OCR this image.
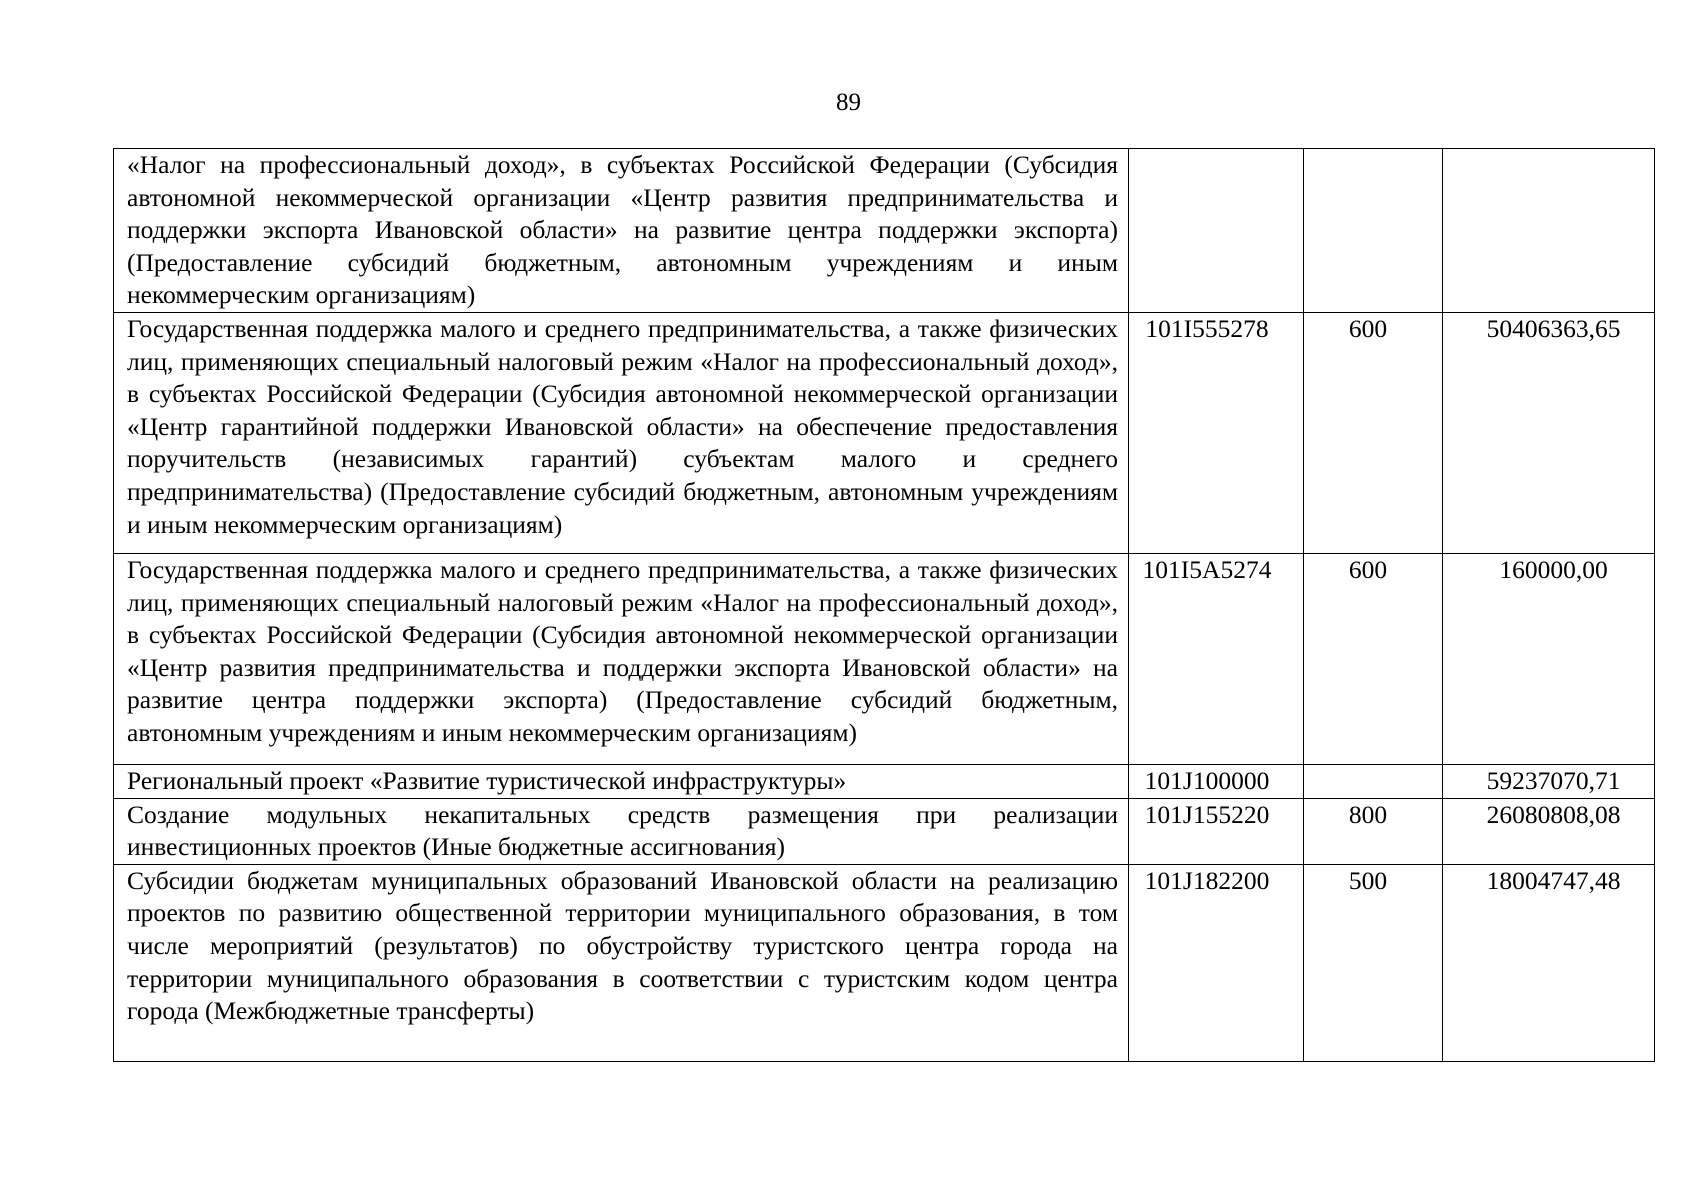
89
«Налог на профессиональный доход», в субъектах Российской Федерации (Субсидия автономной некоммерческой организации «Центр развития предпринимательства и поддержки экспорта Ивановской области» на развитие центра поддержки экспорта) (Предоставление субсидий бюджетным, автономным учреждениям и иным некоммерческим организациям)			
Государственная поддержка малого и среднего предпринимательства, а также физических лиц, применяющих специальный налоговый режим «Налог на профессиональный доход», в субъектах Российской Федерации (Субсидия автономной некоммерческой организации «Центр гарантийной поддержки Ивановской области» на обеспечение предоставления поручительств (независимых гарантий) субъектам малого и среднего предпринимательства) (Предоставление субсидий бюджетным, автономным учреждениям и иным некоммерческим организациям)	101I555278	600	50406363,65
Государственная поддержка малого и среднего предпринимательства, а также физических лиц, применяющих специальный налоговый режим «Налог на профессиональный доход», в субъектах Российской Федерации (Субсидия автономной некоммерческой организации «Центр развития предпринимательства и поддержки экспорта Ивановской области» на развитие центра поддержки экспорта) (Предоставление субсидий бюджетным, автономным учреждениям и иным некоммерческим организациям)	101I5A5274	600	160000,00
Региональный проект «Развитие туристической инфраструктуры»	101J100000		59237070,71
Создание модульных некапитальных средств размещения при реализации инвестиционных проектов (Иные бюджетные ассигнования)	101J155220	800	26080808,08
Субсидии бюджетам муниципальных образований Ивановской области на реализацию проектов по развитию общественной территории муниципального образования, в том числе мероприятий (результатов) по обустройству туристского центра города на территории муниципального образования в соответствии с туристским кодом центра города (Межбюджетные трансферты)	101J182200	500	18004747,48
